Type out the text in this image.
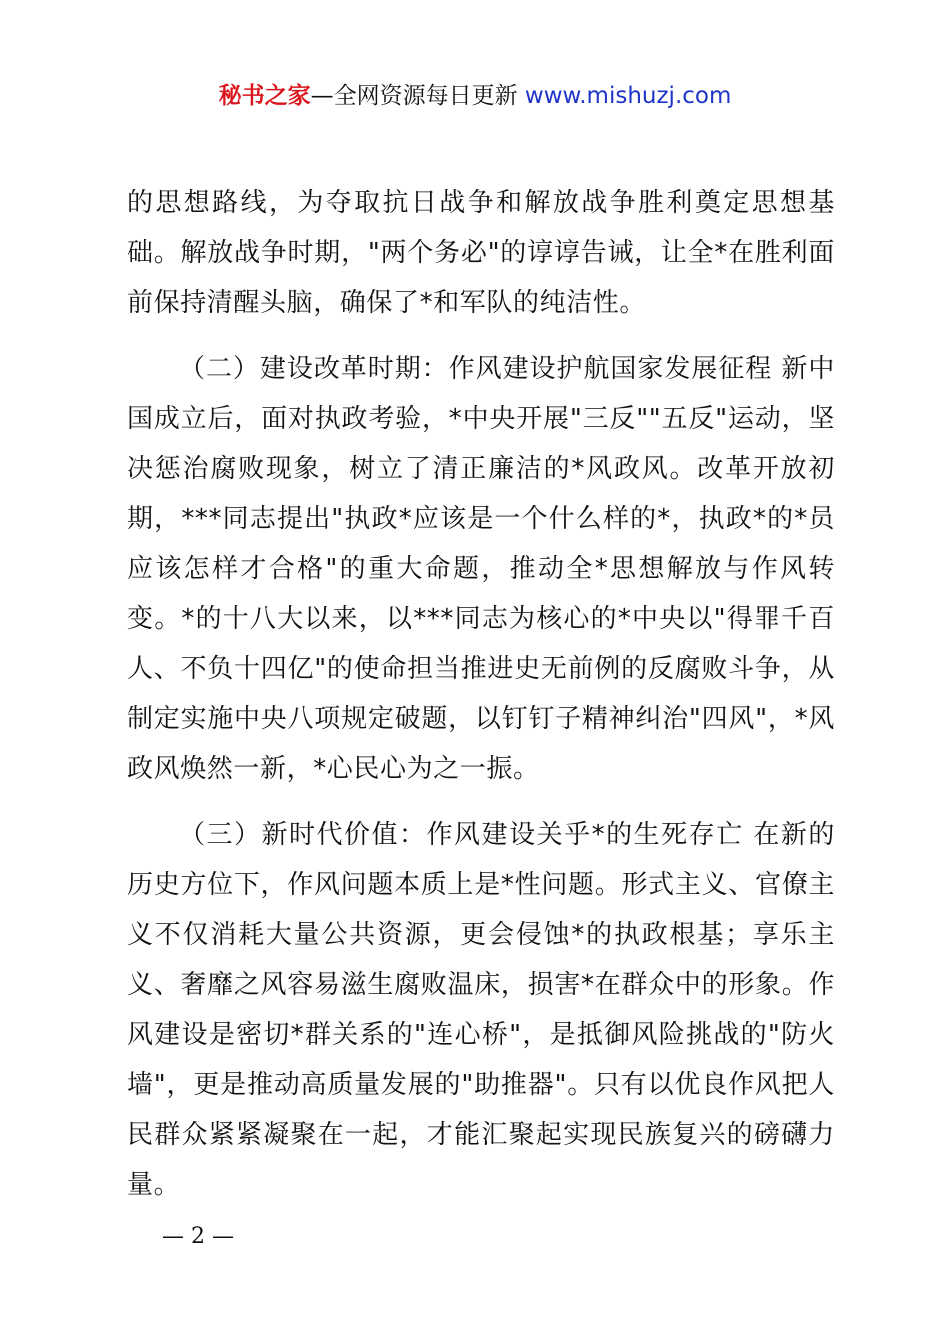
秘书之家—全网资源每日更新 www.mishuzj.com

的思想路线，为夺取抗日战争和解放战争胜利奠定思想基础。解放战争时期，"两个务必"的谆谆告诫，让全*在胜利面前保持清醒头脑，确保了*和军队的纯洁性。

（二）建设改革时期：作风建设护航国家发展征程 新中国成立后，面对执政考验，*中央开展"三反""五反"运动，坚决惩治腐败现象，树立了清正廉洁的*风政风。改革开放初期，***同志提出"执政*应该是一个什么样的*，执政*的*员应该怎样才合格"的重大命题，推动全*思想解放与作风转变。*的十八大以来，以***同志为核心的*中央以"得罪千百人、不负十四亿"的使命担当推进史无前例的反腐败斗争，从制定实施中央八项规定破题，以钉钉子精神纠治"四风"，*风政风焕然一新，*心民心为之一振。

（三）新时代价值：作风建设关乎*的生死存亡 在新的历史方位下，作风问题本质上是*性问题。形式主义、官僚主义不仅消耗大量公共资源，更会侵蚀*的执政根基；享乐主义、奢靡之风容易滋生腐败温床，损害*在群众中的形象。作风建设是密切*群关系的"连心桥"，是抵御风险挑战的"防火墙"，更是推动高质量发展的"助推器"。只有以优良作风把人民群众紧紧凝聚在一起，才能汇聚起实现民族复兴的磅礴力量。

— 2 —
